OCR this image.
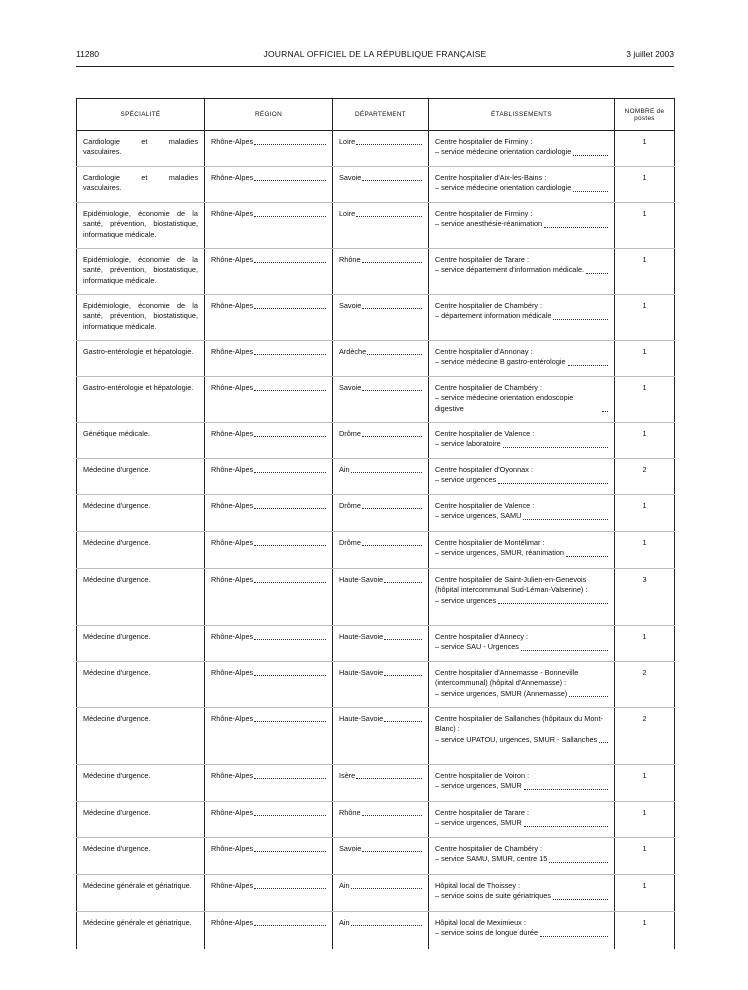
11280	JOURNAL OFFICIEL DE LA RÉPUBLIQUE FRANÇAISE	3 juillet 2003
SPÉCIALITÉ	RÉGION	DÉPARTEMENT	ÉTABLISSEMENTS	NOMBRE de postes
Cardiologie et maladies vasculaires.	Rhône-Alpes	Loire	Centre hospitalier de Firminy :
– service médecine orientation cardiologie	1
Cardiologie et maladies vasculaires.	Rhône-Alpes	Savoie	Centre hospitalier d'Aix-les-Bains :
– service médecine orientation cardiologie	1
Epidémiologie, économie de la santé, prévention, biostatistique, informatique médicale.	Rhône-Alpes	Loire	Centre hospitalier de Firminy :
– service anesthésie-réanimation	1
Epidémiologie, économie de la santé, prévention, biostatistique, informatique médicale.	Rhône-Alpes	Rhône	Centre hospitalier de Tarare :
– service département d'information médicale.	1
Epidémiologie, économie de la santé, prévention, biostatistique, informatique médicale.	Rhône-Alpes	Savoie	Centre hospitalier de Chambéry :
– département information médicale	1
Gastro-entérologie et hépatologie.	Rhône-Alpes	Ardèche	Centre hospitalier d'Annonay :
– service médecine B gastro-entérologie	1
Gastro-entérologie et hépatologie.	Rhône-Alpes	Savoie	Centre hospitalier de Chambéry :
– service médecine orientation endoscopie digestive	1
Génétique médicale.	Rhône-Alpes	Drôme	Centre hospitalier de Valence :
– service laboratoire	1
Médecine d'urgence.	Rhône-Alpes	Ain	Centre hospitalier d'Oyonnax :
– service urgences	2
Médecine d'urgence.	Rhône-Alpes	Drôme	Centre hospitalier de Valence :
– service urgences, SAMU	1
Médecine d'urgence.	Rhône-Alpes	Drôme	Centre hospitalier de Montélimar :
– service urgences, SMUR, réanimation	1
Médecine d'urgence.	Rhône-Alpes	Haute-Savoie	Centre hospitalier de Saint-Julien-en-Genevois (hôpital intercommunal Sud-Léman-Valserine) :
– service urgences	3
Médecine d'urgence.	Rhône-Alpes	Haute-Savoie	Centre hospitalier d'Annecy :
– service SAU - Urgences	1
Médecine d'urgence.	Rhône-Alpes	Haute-Savoie	Centre hospitalier d'Annemasse - Bonneville (intercommunal) (hôpital d'Annemasse) :
– service urgences, SMUR (Annemasse)	2
Médecine d'urgence.	Rhône-Alpes	Haute-Savoie	Centre hospitalier de Sallanches (hôpitaux du Mont-Blanc) :
– service UPATOU, urgences, SMUR - Sallanches	2
Médecine d'urgence.	Rhône-Alpes	Isère	Centre hospitalier de Voiron :
– service urgences, SMUR	1
Médecine d'urgence.	Rhône-Alpes	Rhône	Centre hospitalier de Tarare :
– service urgences, SMUR	1
Médecine d'urgence.	Rhône-Alpes	Savoie	Centre hospitalier de Chambéry :
– service SAMU, SMUR, centre 15	1
Médecine générale et gériatrique.	Rhône-Alpes	Ain	Hôpital local de Thoissey :
– service soins de suite gériatriques	1
Médecine générale et gériatrique.	Rhône-Alpes	Ain	Hôpital local de Meximieux :
– service soins de longue durée	1
